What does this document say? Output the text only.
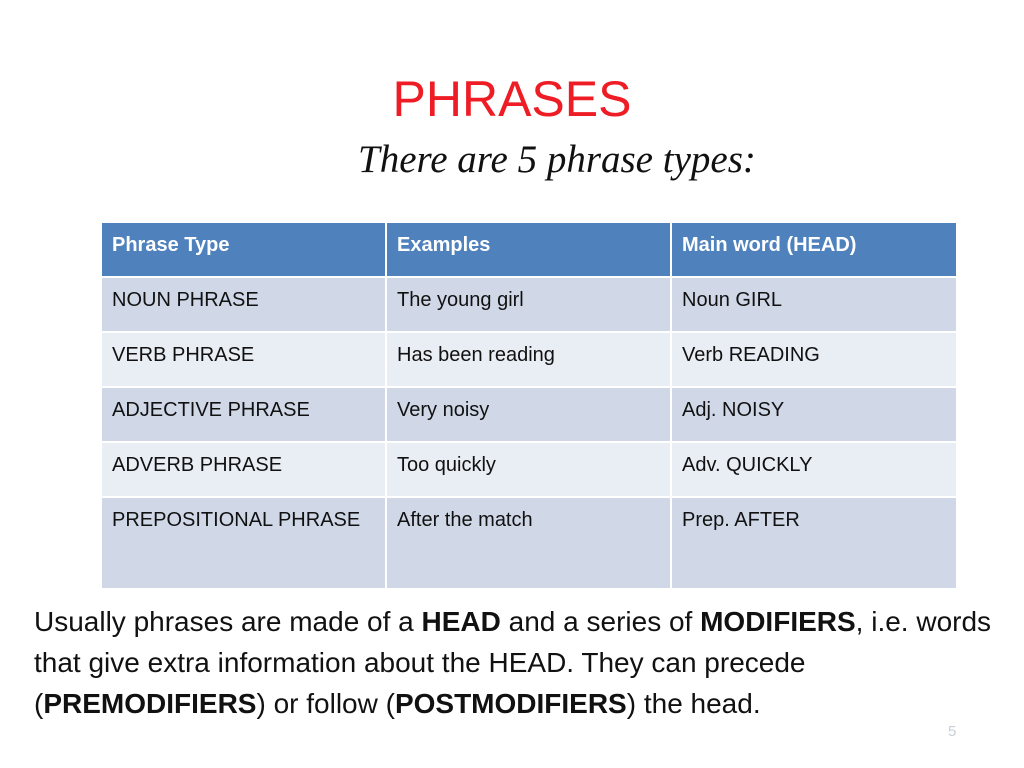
PHRASES
There are 5 phrase types:
Phrase Type	Examples	Main word (HEAD)
NOUN PHRASE	The young girl	Noun GIRL
VERB PHRASE	Has been reading	Verb READING
ADJECTIVE PHRASE	Very noisy	Adj. NOISY
ADVERB PHRASE	Too quickly	Adv. QUICKLY
PREPOSITIONAL PHRASE	After the match	Prep. AFTER
Usually phrases are made of a HEAD and a series of MODIFIERS, i.e. words that give extra information about the HEAD. They can precede (PREMODIFIERS) or follow (POSTMODIFIERS) the head.
5
